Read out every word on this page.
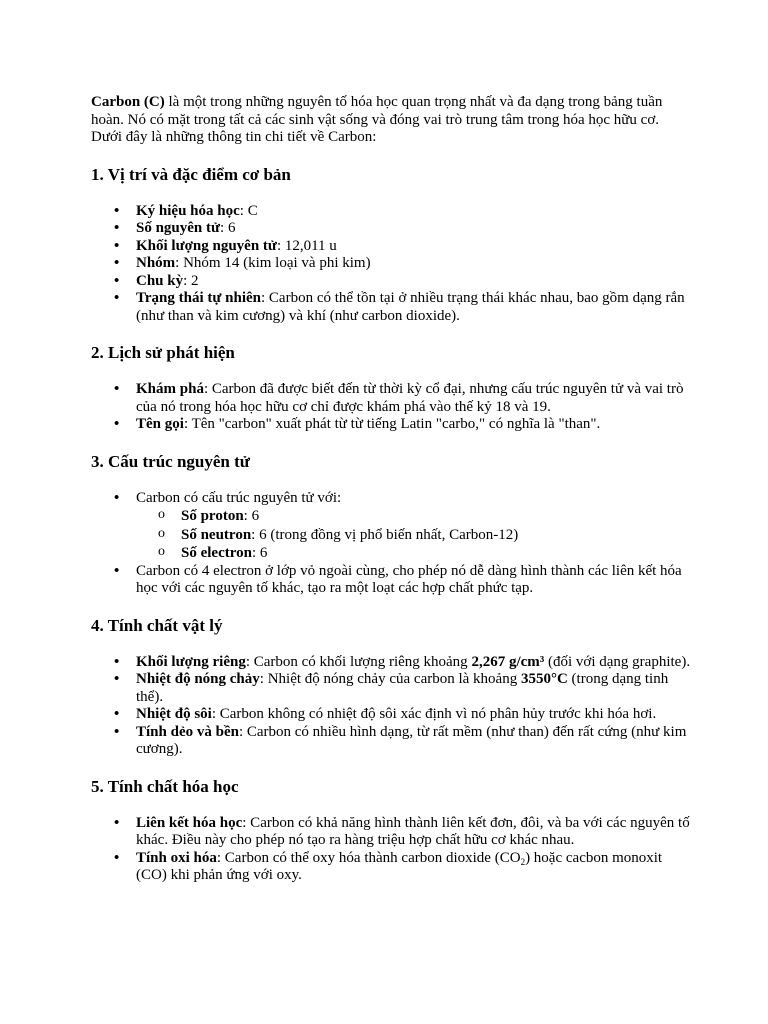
Carbon (C) là một trong những nguyên tố hóa học quan trọng nhất và đa dạng trong bảng tuần hoàn. Nó có mặt trong tất cả các sinh vật sống và đóng vai trò trung tâm trong hóa học hữu cơ. Dưới đây là những thông tin chi tiết về Carbon:

1. Vị trí và đặc điểm cơ bản
• Ký hiệu hóa học: C
• Số nguyên tử: 6
• Khối lượng nguyên tử: 12,011 u
• Nhóm: Nhóm 14 (kim loại và phi kim)
• Chu kỳ: 2
• Trạng thái tự nhiên: Carbon có thể tồn tại ở nhiều trạng thái khác nhau, bao gồm dạng rắn (như than và kim cương) và khí (như carbon dioxide).
2. Lịch sử phát hiện
• Khám phá: Carbon đã được biết đến từ thời kỳ cổ đại, nhưng cấu trúc nguyên tử và vai trò của nó trong hóa học hữu cơ chỉ được khám phá vào thế kỷ 18 và 19.
• Tên gọi: Tên "carbon" xuất phát từ từ tiếng Latin "carbo," có nghĩa là "than".
3. Cấu trúc nguyên tử
• Carbon có cấu trúc nguyên tử với:
o Số proton: 6
o Số neutron: 6 (trong đồng vị phổ biến nhất, Carbon-12)
o Số electron: 6
• Carbon có 4 electron ở lớp vỏ ngoài cùng, cho phép nó dễ dàng hình thành các liên kết hóa học với các nguyên tố khác, tạo ra một loạt các hợp chất phức tạp.
4. Tính chất vật lý
• Khối lượng riêng: Carbon có khối lượng riêng khoảng 2,267 g/cm³ (đối với dạng graphite).
• Nhiệt độ nóng chảy: Nhiệt độ nóng chảy của carbon là khoảng 3550°C (trong dạng tinh thể).
• Nhiệt độ sôi: Carbon không có nhiệt độ sôi xác định vì nó phân hủy trước khi hóa hơi.
• Tính dẻo và bền: Carbon có nhiều hình dạng, từ rất mềm (như than) đến rất cứng (như kim cương).
5. Tính chất hóa học
• Liên kết hóa học: Carbon có khả năng hình thành liên kết đơn, đôi, và ba với các nguyên tố khác. Điều này cho phép nó tạo ra hàng triệu hợp chất hữu cơ khác nhau.
• Tính oxi hóa: Carbon có thể oxy hóa thành carbon dioxide $(CO_2)$ hoặc cacbon monoxit (CO) khi phản ứng với oxy.
